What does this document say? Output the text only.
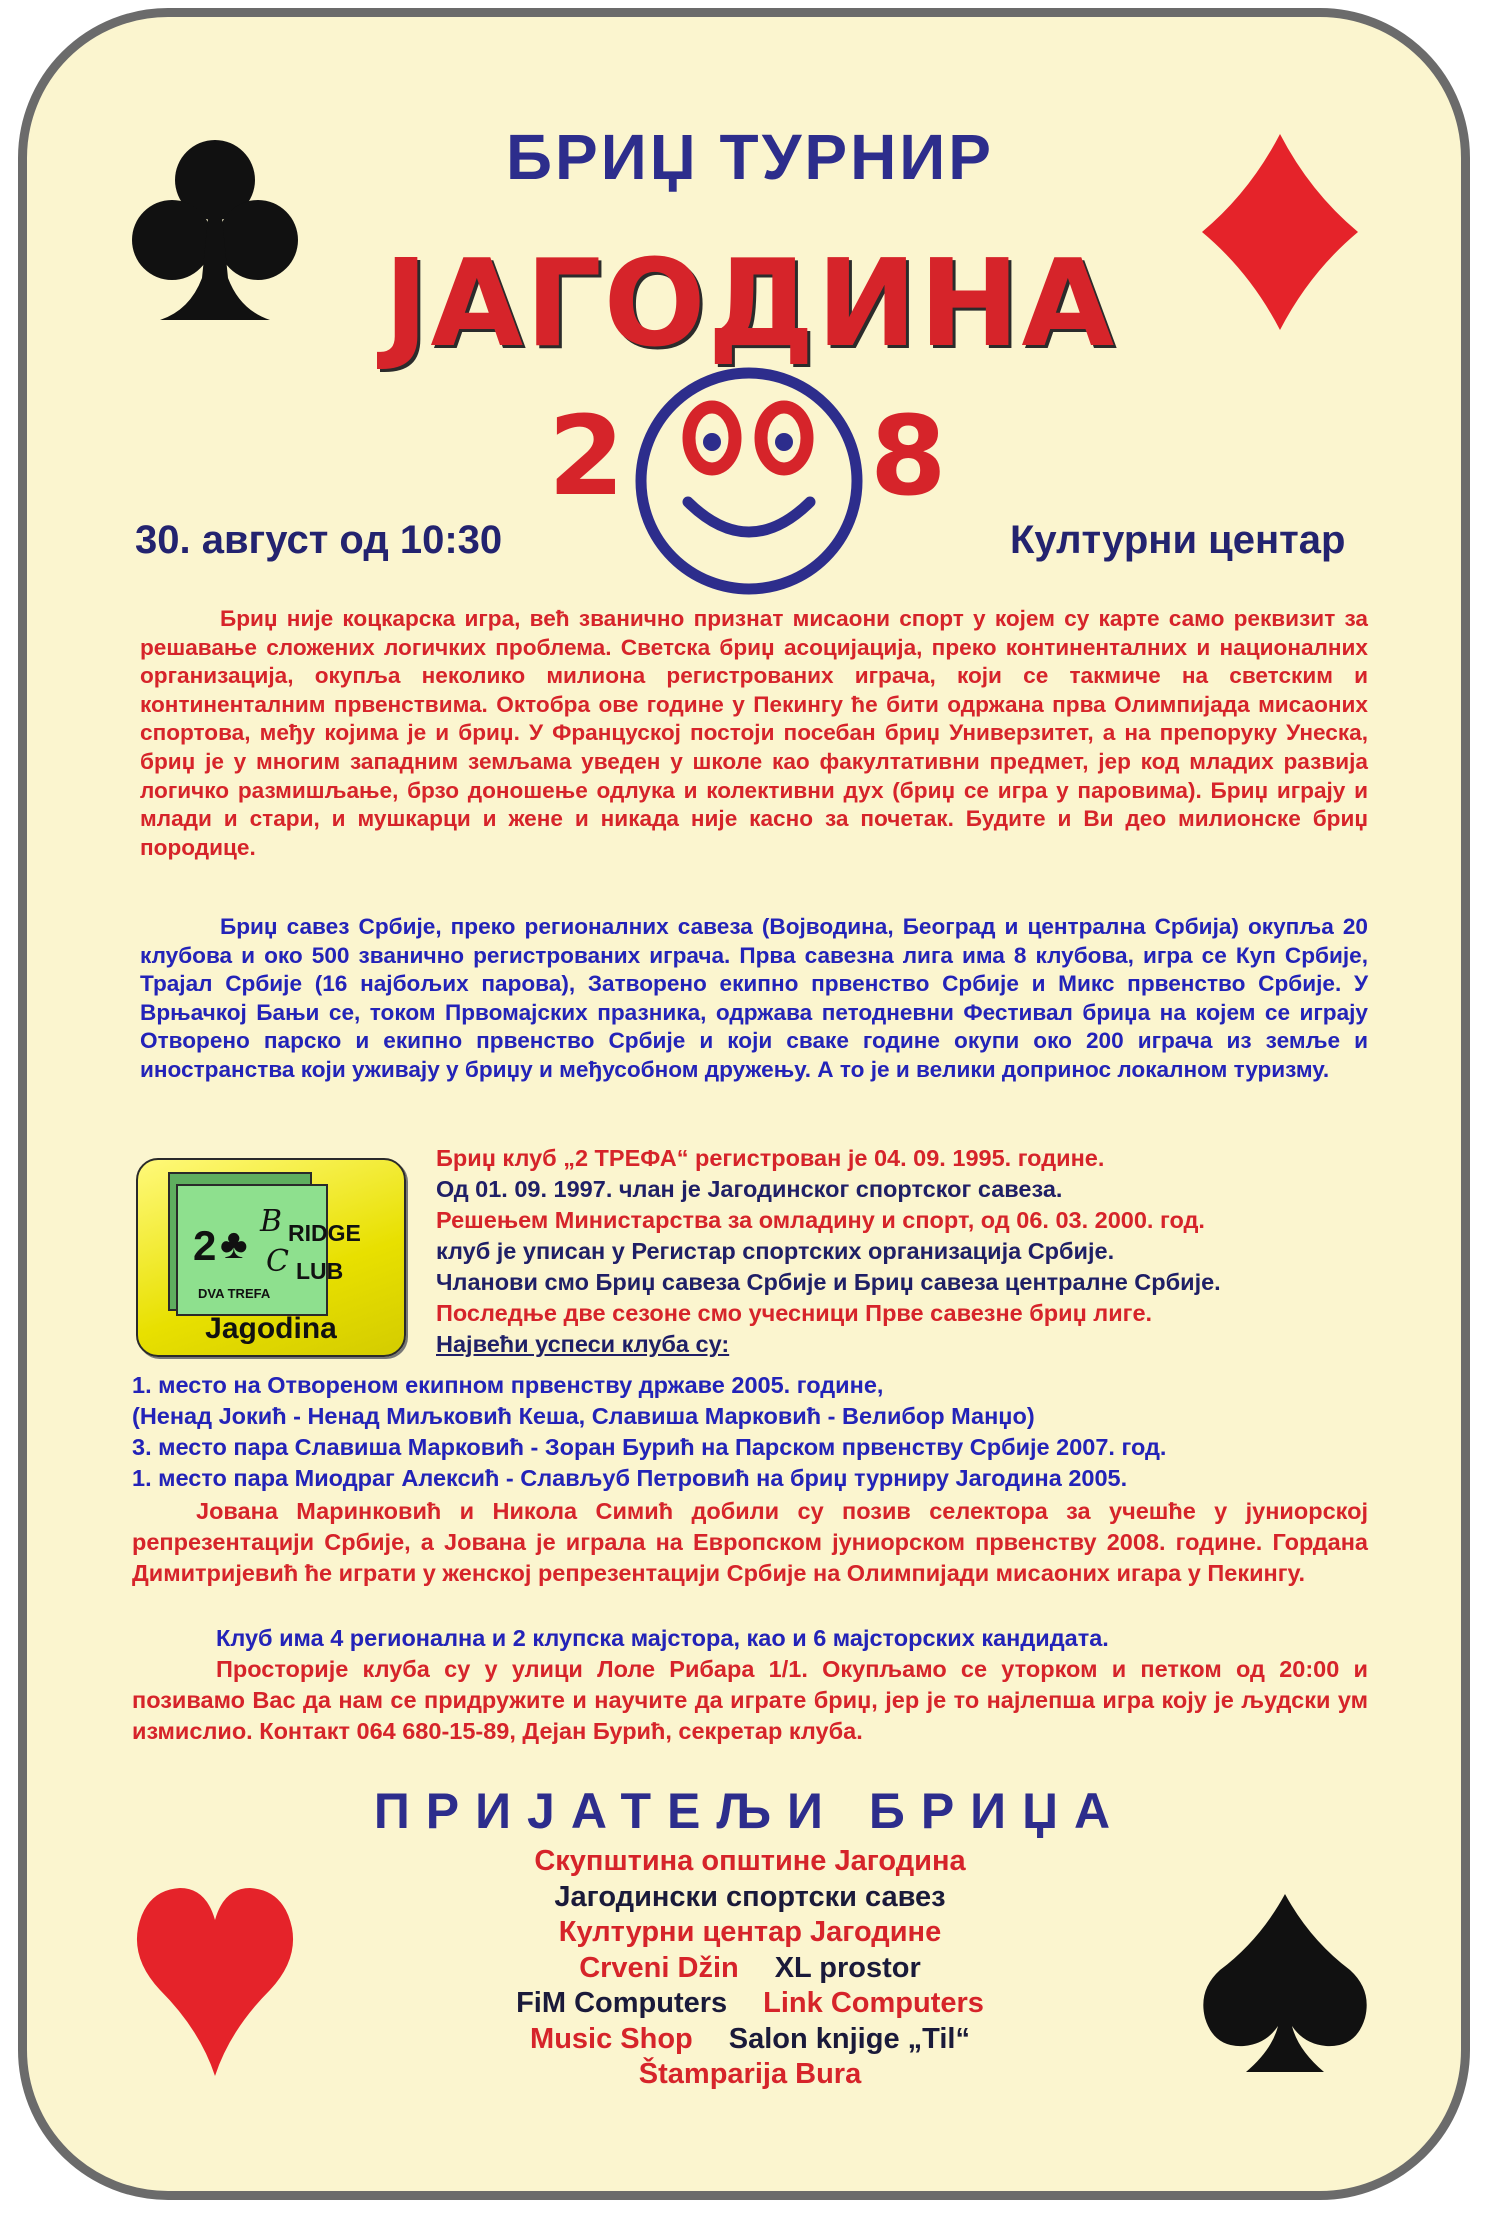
БРИЏ ТУРНИР
ЈАГОДИНА
2 8
30. август од 10:30	Културни центар

Бриџ није коцкарска игра, већ званично признат мисаони спорт у којем су карте само реквизит за решавање сложених логичких проблема. Светска бриџ асоцијација, преко континенталних и националних организација, окупља неколико милиона регистрованих играча, који се такмиче на светским и континенталним првенствима. Октобра ове године у Пекингу ће бити одржана прва Олимпијада мисаоних спортова, међу којима је и бриџ. У Француској постоји посебан бриџ Универзитет, а на препоруку Унеска, бриџ је у многим западним земљама уведен у школе као факултативни предмет, јер код младих развија логичко размишљање, брзо доношење одлука и колективни дух (бриџ се игра у паровима). Бриџ играју и млади и стари, и мушкарци и жене и никада није касно за почетак. Будите и Ви део милионске бриџ породице.

Бриџ савез Србије, преко регионалних савеза (Војводина, Београд и централна Србија) окупља 20 клубова и око 500 званично регистрованих играча. Прва савезна лига има 8 клубова, игра се Куп Србије, Трајал Србије (16 најбољих парова), Затворено екипно првенство Србије и Микс првенство Србије. У Врњачкој Бањи се, током Првомајских празника, одржава петодневни Фестивал бриџа на којем се играју Отворено парско и екипно првенство Србије и који сваке године окупи око 200 играча из земље и иностранства који уживају у бриџу и међусобном дружењу. А то је и велики допринос локалном туризму.

2 ♣ B RIDGE
C LUB
DVA TREFA
Jagodina

Бриџ клуб „2 ТРЕФА“ регистрован је 04. 09. 1995. године.

Од 01. 09. 1997. члан је Јагодинског спортског савеза.

Решењем Министарства за омладину и спорт, од 06. 03. 2000. год.

клуб је уписан у Регистар спортских организација Србије.

Чланови смо Бриџ савеза Србије и Бриџ савеза централне Србије.

Последње две сезоне смо учесници Прве савезне бриџ лиге.

Највећи успеси клуба су:

1. место на Отвореном екипном првенству државе 2005. године,

(Ненад Јокић - Ненад Миљковић Кеша, Славиша Марковић - Велибор Манџо)

3. место пара Славиша Марковић - Зоран Бурић на Парском првенству Србије 2007. год.

1. место пара Миодраг Алексић - Слављуб Петровић на бриџ турниру Јагодина 2005.

Јована Маринковић и Никола Симић добили су позив селектора за учешће у јуниорској репрезентацији Србије, а Јована је играла на Европском јуниорском првенству 2008. године. Гордана Димитријевић ће играти у женској репрезентацији Србије на Олимпијади мисаоних игара у Пекингу.

Клуб има 4 регионална и 2 клупска мајстора, као и 6 мајсторских кандидата.

Просторије клуба су у улици Лоле Рибара 1/1. Окупљамо се уторком и петком од 20:00 и позивамо Вас да нам се придружите и научите да играте бриџ, јер је то најлепша игра коју је људски ум измислио. Контакт 064 680-15-89, Дејан Бурић, секретар клуба.

ПРИЈАТЕЉИ БРИЏА
Скупштина општине Јагодина
Јагодински спортски савез
Културни центар Јагодине
Crveni Džin XL prostor
FiM Computers Link Computers
Music Shop Salon knjige „Til“
Štamparija Bura
